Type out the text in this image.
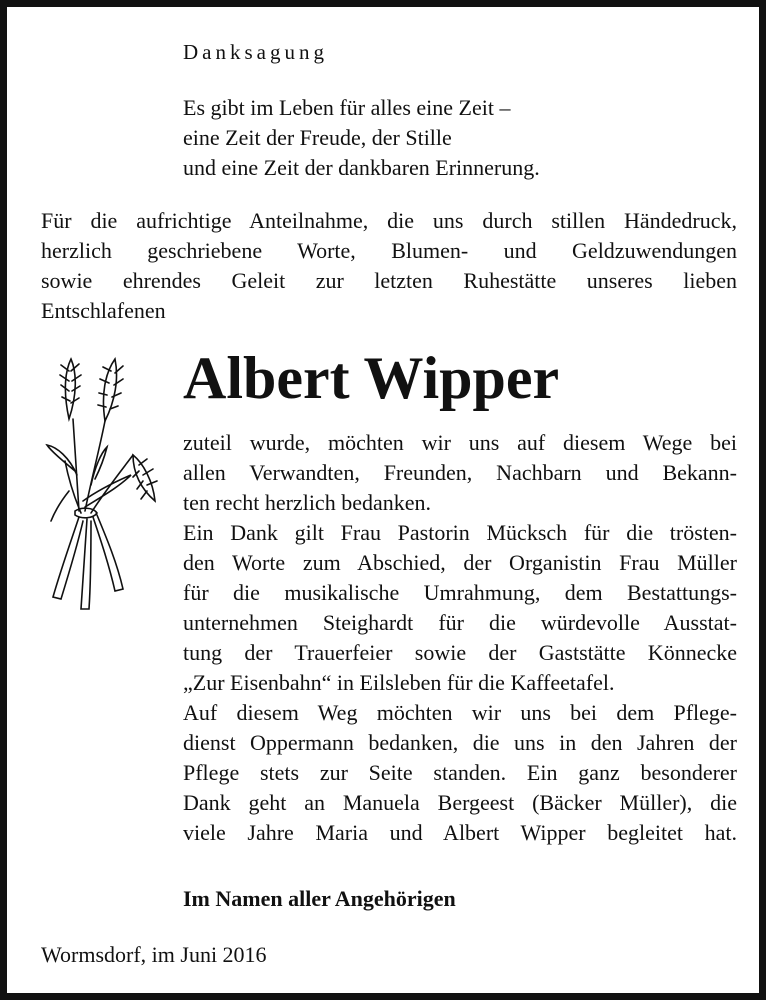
Danksagung
Es gibt im Leben für alles eine Zeit –
eine Zeit der Freude, der Stille
und eine Zeit der dankbaren Erinnerung.
Für die aufrichtige Anteilnahme, die uns durch stillen Händedruck,
herzlich geschriebene Worte, Blumen- und Geldzuwendungen
sowie ehrendes Geleit zur letzten Ruhestätte unseres lieben
Entschlafenen
Albert Wipper
zuteil wurde, möchten wir uns auf diesem Wege bei
allen Verwandten, Freunden, Nachbarn und Bekann-
ten recht herzlich bedanken.
Ein Dank gilt Frau Pastorin Mücksch für die trösten-
den Worte zum Abschied, der Organistin Frau Müller
für die musikalische Umrahmung, dem Bestattungs-
unternehmen Steighardt für die würdevolle Ausstat-
tung der Trauerfeier sowie der Gaststätte Könnecke
„Zur Eisenbahn“ in Eilsleben für die Kaffeetafel.
Auf diesem Weg möchten wir uns bei dem Pflege-
dienst Oppermann bedanken, die uns in den Jahren der
Pflege stets zur Seite standen. Ein ganz besonderer
Dank geht an Manuela Bergeest (Bäcker Müller), die
viele Jahre Maria und Albert Wipper begleitet hat.
Im Namen aller Angehörigen
Wormsdorf, im Juni 2016
